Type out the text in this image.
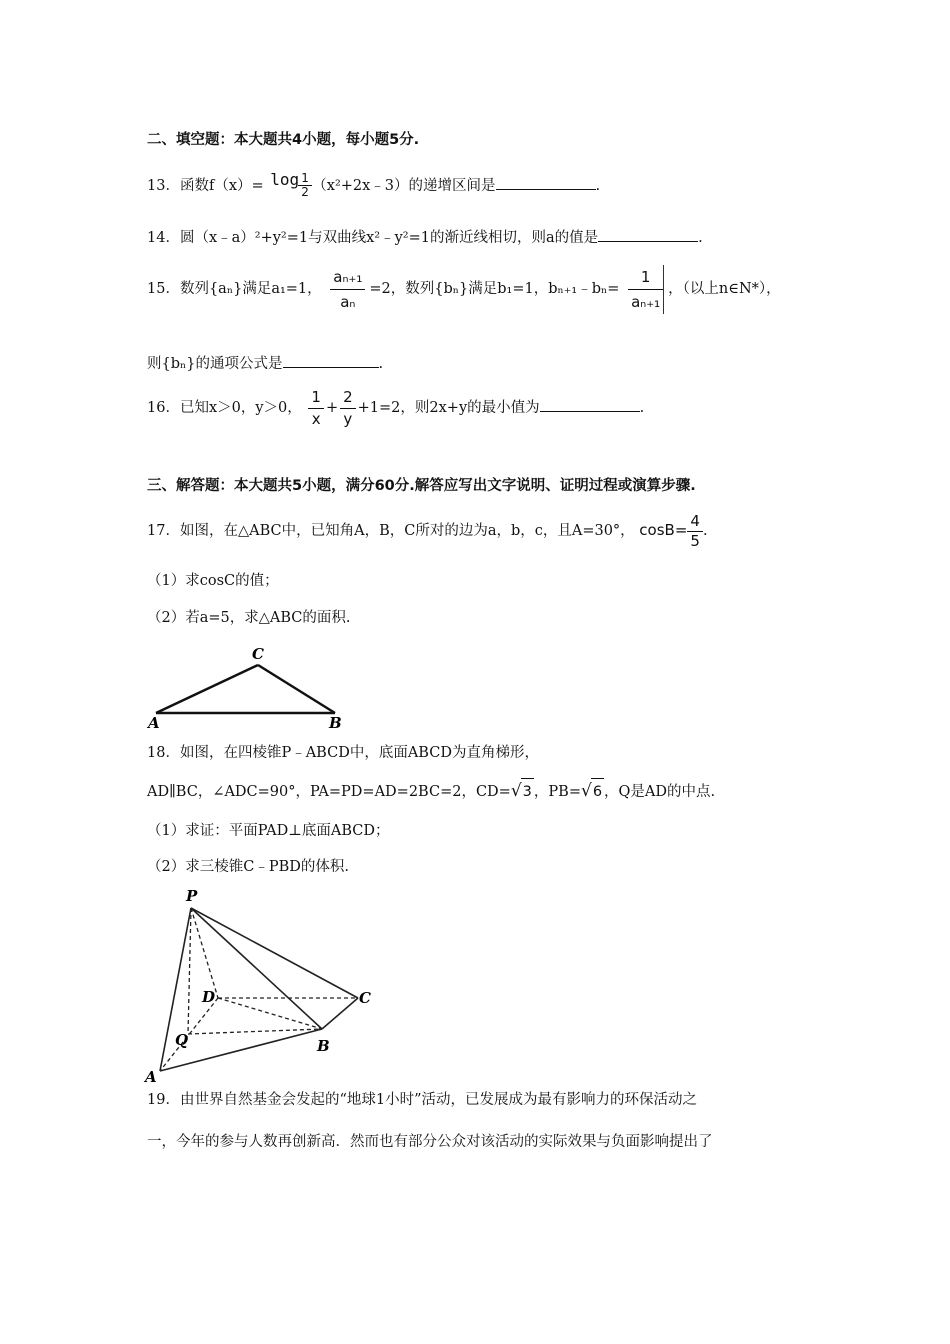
二、填空题：本大题共4小题，每小题5分.
13．函数$f(x)= \log \frac{1}{2}$ （x²+2x﹣3）的递增区间是	.
14．圆（x﹣a）²+y²=1与双曲线x²﹣y²=1的渐近线相切，则a的值是	.
15．数列{aₙ}满足a₁=1， $\frac{\text{aₙ₊₁}}{\text{aₙ}} =2$，数列{bₙ}满足b₁=1，bₙ₊₁﹣bₙ= $\frac{1}{\text{aₙ₊₁}}$ ，（以上n∈N*），
则{bₙ}的通项公式是	.
16．已知x＞0，y＞0， $\frac{1}{x} + \frac{2}{y} +1=2$，则2x+y的最小值为	.
三、解答题：本大题共5小题，满分60分.解答应写出文字说明、证明过程或演算步骤.
17．如图，在△ABC中，已知角A，B，C所对的边为a，b，c，且A=30°， $\cos B= \frac{4}{5}$ .
（1）求cosC的值；
（2）若a=5，求△ABC的面积.
A	B
C
18．如图，在四棱锥P﹣ABCD中，底面ABCD为直角梯形，
AD∥BC，∠ADC=90°，PA=PD=AD=2BC=2，CD=√3 ，PB=√6 ，Q是AD的中点.
（1）求证：平面PAD⊥底面ABCD；
（2）求三棱锥C﹣PBD的体积.
P
D	C
Q	B
A
19．由世界自然基金会发起的“地球1小时”活动，已发展成为最有影响力的环保活动之
一，今年的参与人数再创新高．然而也有部分公众对该活动的实际效果与负面影响提出了
